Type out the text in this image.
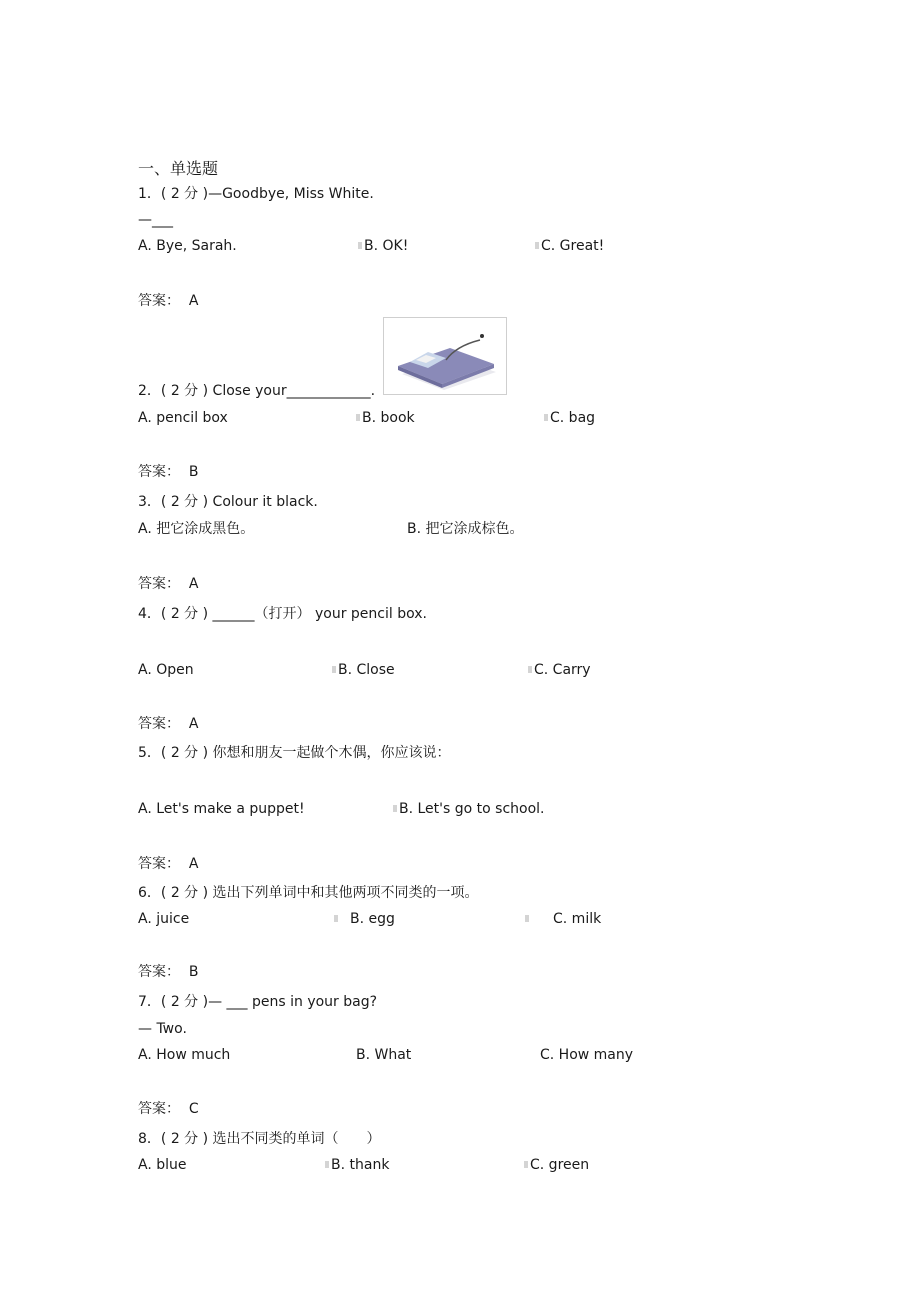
一、单选题
1．( 2 分 )—Goodbye, Miss White.
—___
A. Bye, Sarah.	B. OK!	C. Great!
答案： A
2．( 2 分 ) Close your____________.
A. pencil box	B. book	C. bag
答案： B
3．( 2 分 ) Colour it black.
A. 把它涂成黑色。	B. 把它涂成棕色。
答案： A
4．( 2 分 ) ______（打开） your pencil box.
A. Open	B. Close	C. Carry
答案： A
5．( 2 分 ) 你想和朋友一起做个木偶，你应该说：
A. Let's make a puppet!	B. Let's go to school.
答案： A
6．( 2 分 ) 选出下列单词中和其他两项不同类的一项。
A. juice	B. egg	C. milk
答案： B
7．( 2 分 )— ___ pens in your bag?
— Two.
A. How much	B. What	C. How many
答案： C
8．( 2 分 ) 选出不同类的单词（　　）
A. blue	B. thank	C. green
